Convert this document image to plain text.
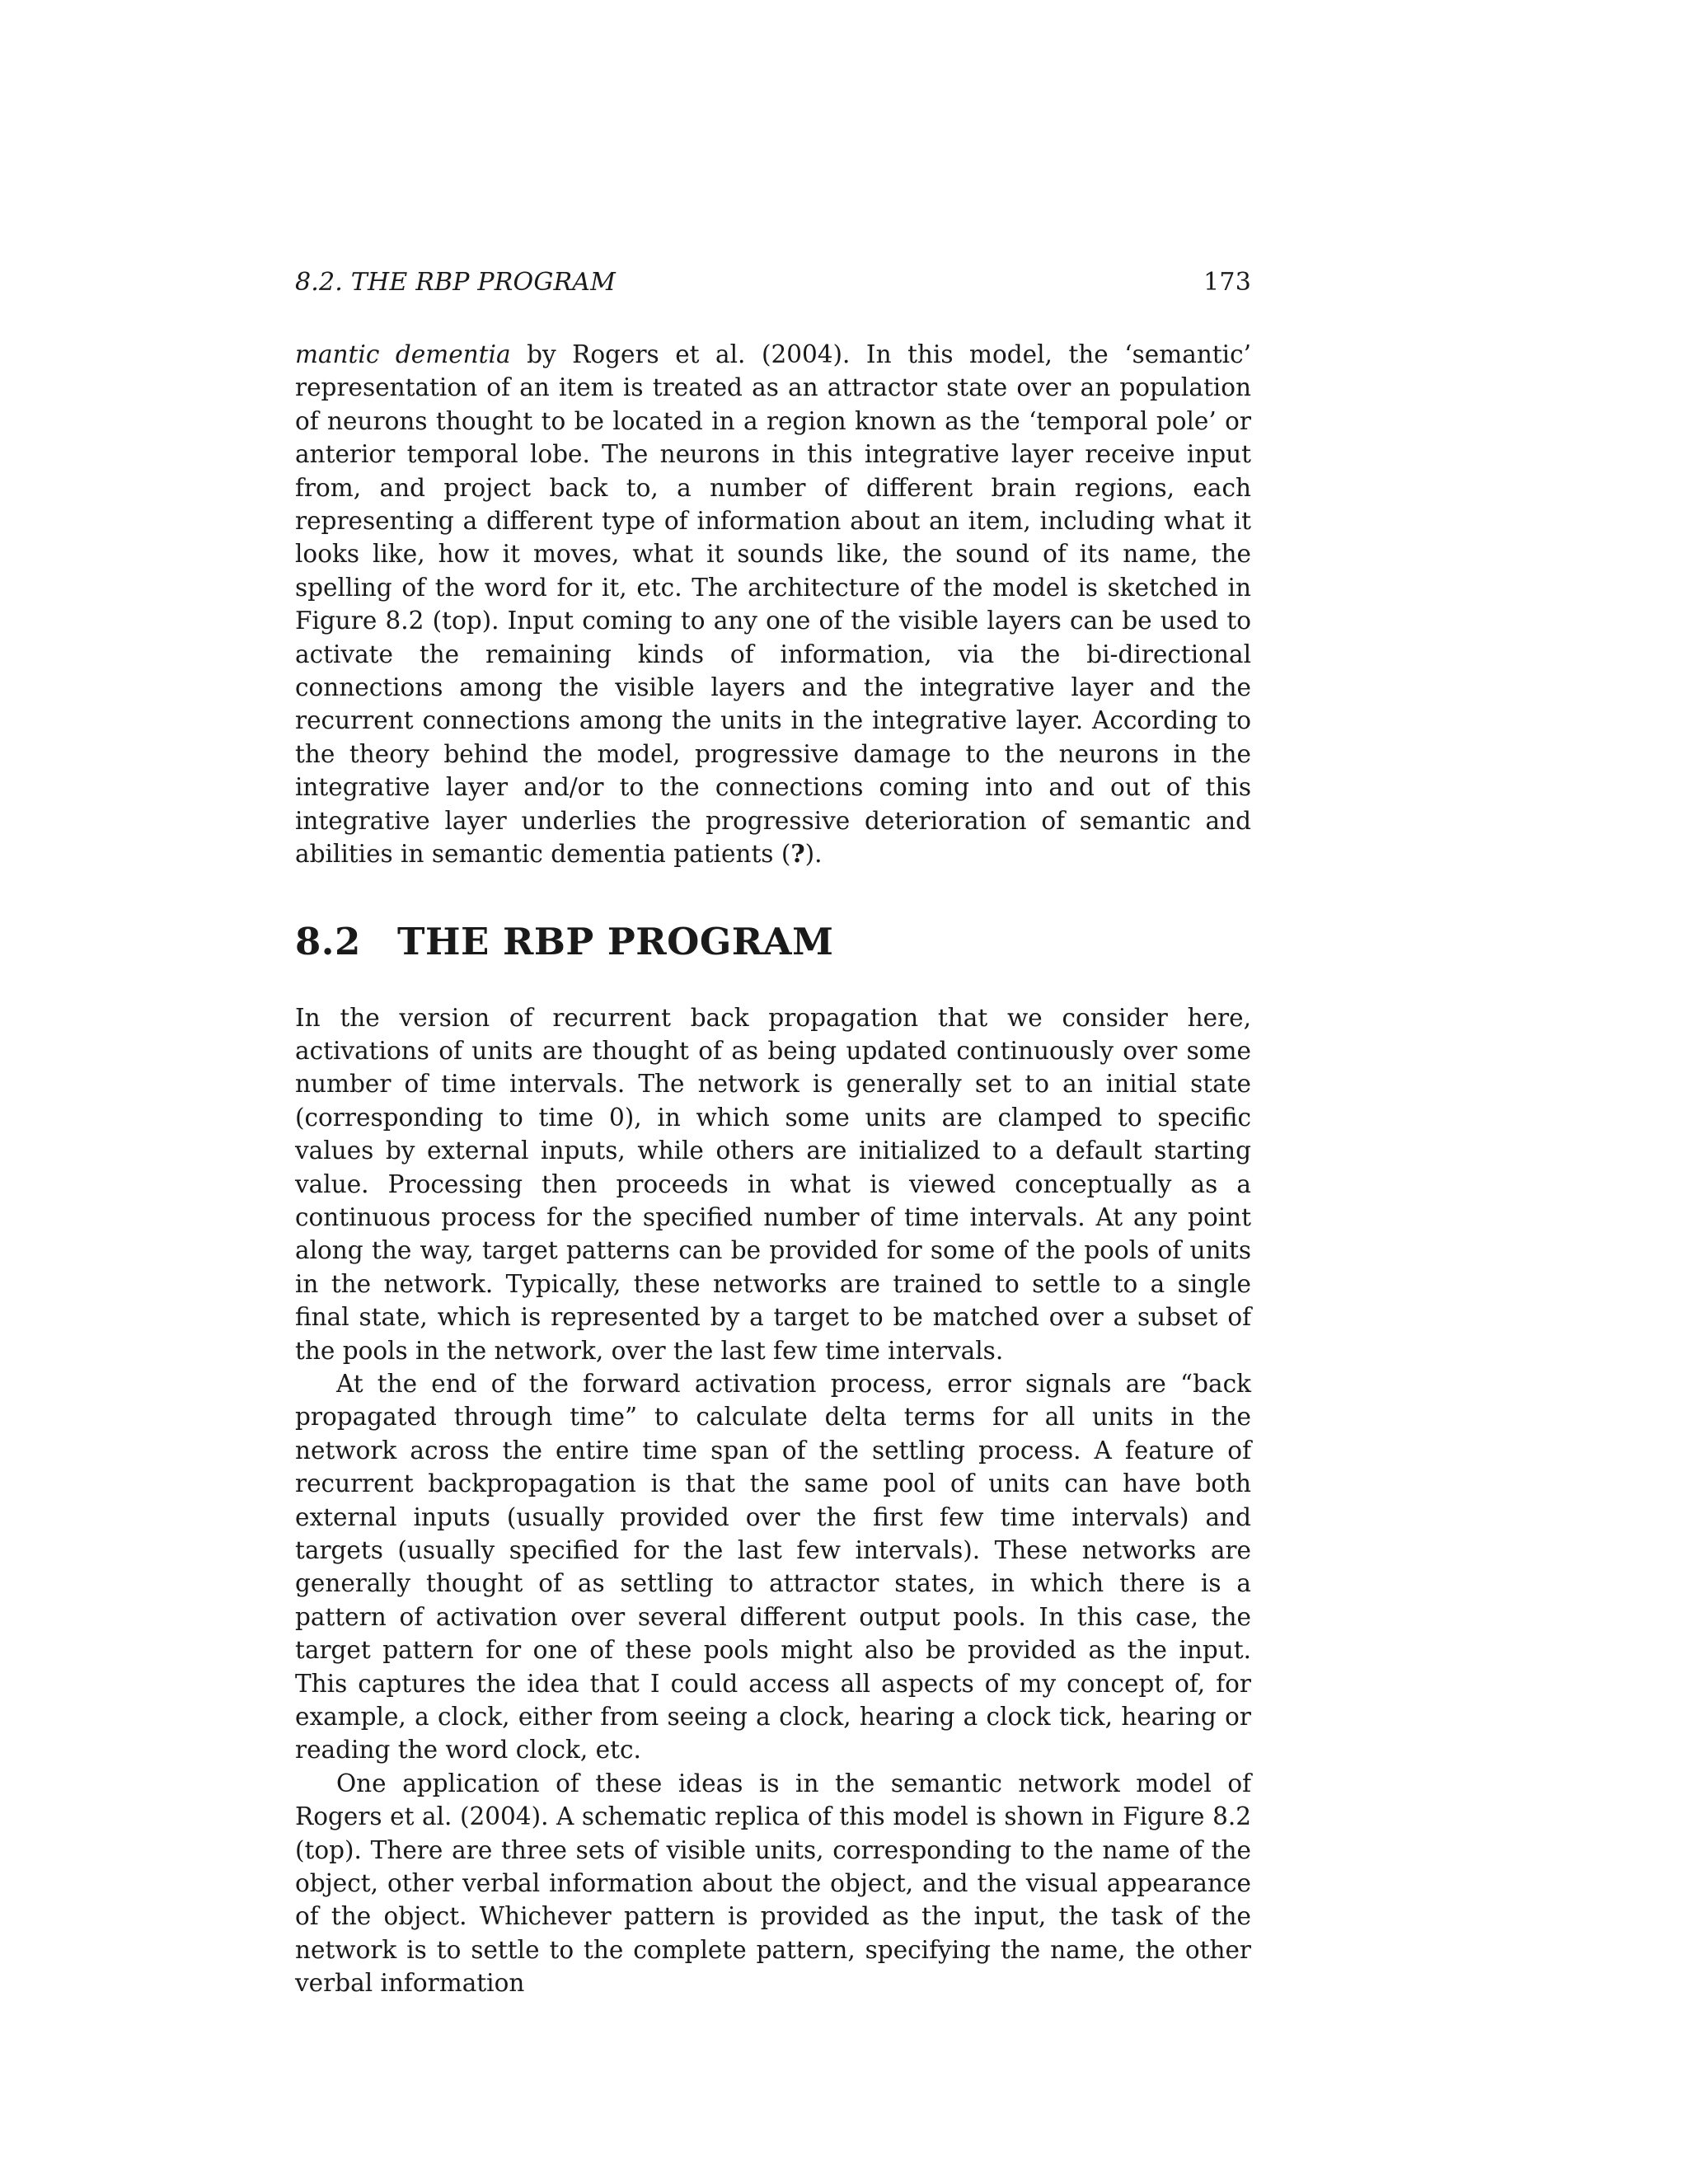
8.2. THE RBP PROGRAM	173

mantic dementia by Rogers et al. (2004). In this model, the ‘semantic’ representation of an item is treated as an attractor state over an population of neurons thought to be located in a region known as the ‘temporal pole’ or anterior temporal lobe. The neurons in this integrative layer receive input from, and project back to, a number of different brain regions, each representing a different type of information about an item, including what it looks like, how it moves, what it sounds like, the sound of its name, the spelling of the word for it, etc. The architecture of the model is sketched in Figure 8.2 (top). Input coming to any one of the visible layers can be used to activate the remaining kinds of information, via the bi-directional connections among the visible layers and the integrative layer and the recurrent connections among the units in the integrative layer. According to the theory behind the model, progressive damage to the neurons in the integrative layer and/or to the connections coming into and out of this integrative layer underlies the progressive deterioration of semantic and abilities in semantic dementia patients (?).

8.2 THE RBP PROGRAM

In the version of recurrent back propagation that we consider here, activations of units are thought of as being updated continuously over some number of time intervals. The network is generally set to an initial state (corresponding to time 0), in which some units are clamped to specific values by external inputs, while others are initialized to a default starting value. Processing then proceeds in what is viewed conceptually as a continuous process for the specified number of time intervals. At any point along the way, target patterns can be provided for some of the pools of units in the network. Typically, these networks are trained to settle to a single final state, which is represented by a target to be matched over a subset of the pools in the network, over the last few time intervals.

At the end of the forward activation process, error signals are “back propagated through time” to calculate delta terms for all units in the network across the entire time span of the settling process. A feature of recurrent backpropagation is that the same pool of units can have both external inputs (usually provided over the first few time intervals) and targets (usually specified for the last few intervals). These networks are generally thought of as settling to attractor states, in which there is a pattern of activation over several different output pools. In this case, the target pattern for one of these pools might also be provided as the input. This captures the idea that I could access all aspects of my concept of, for example, a clock, either from seeing a clock, hearing a clock tick, hearing or reading the word clock, etc.

One application of these ideas is in the semantic network model of Rogers et al. (2004). A schematic replica of this model is shown in Figure 8.2 (top). There are three sets of visible units, corresponding to the name of the object, other verbal information about the object, and the visual appearance of the object. Whichever pattern is provided as the input, the task of the network is to settle to the complete pattern, specifying the name, the other verbal information
